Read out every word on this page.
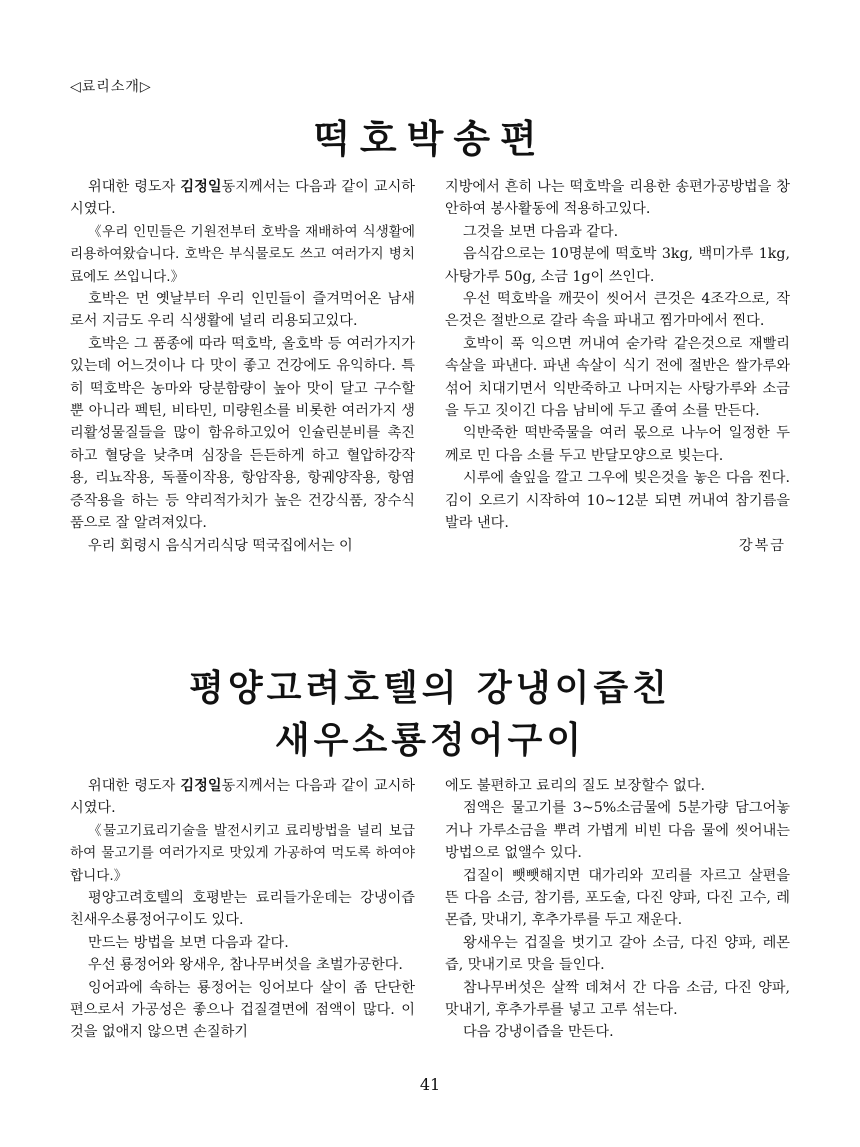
◁료리소개▷
떡호박송편

위대한 령도자 김정일동지께서는 다음과 같이 교시하시였다.

《우리 인민들은 기원전부터 호박을 재배하여 식생활에 리용하여왔습니다. 호박은 부식물로도 쓰고 여러가지 병치료에도 쓰입니다.》

호박은 먼 옛날부터 우리 인민들이 즐겨먹어온 남새로서 지금도 우리 식생활에 널리 리용되고있다.

호박은 그 품종에 따라 떡호박, 올호박 등 여러가지가 있는데 어느것이나 다 맛이 좋고 건강에도 유익하다. 특히 떡호박은 농마와 당분함량이 높아 맛이 달고 구수할뿐 아니라 펙틴, 비타민, 미량원소를 비롯한 여러가지 생리활성물질들을 많이 함유하고있어 인슐린분비를 촉진하고 혈당을 낮추며 심장을 든든하게 하고 혈압하강작용, 리뇨작용, 독풀이작용, 항암작용, 항궤양작용, 항염증작용을 하는 등 약리적가치가 높은 건강식품, 장수식품으로 잘 알려져있다.

우리 회령시 음식거리식당 떡국집에서는 이

지방에서 흔히 나는 떡호박을 리용한 송편가공방법을 창안하여 봉사활동에 적용하고있다.

그것을 보면 다음과 같다.

음식감으로는 10명분에 떡호박 3kg, 백미가루 1kg, 사탕가루 50g, 소금 1g이 쓰인다.

우선 떡호박을 깨끗이 씻어서 큰것은 4조각으로, 작은것은 절반으로 갈라 속을 파내고 찜가마에서 찐다.

호박이 푹 익으면 꺼내여 숟가락 같은것으로 재빨리 속살을 파낸다. 파낸 속살이 식기 전에 절반은 쌀가루와 섞어 치대기면서 익반죽하고 나머지는 사탕가루와 소금을 두고 짓이긴 다음 남비에 두고 졸여 소를 만든다.

익반죽한 떡반죽물을 여러 몫으로 나누어 일정한 두께로 민 다음 소를 두고 반달모양으로 빚는다.

시루에 솔잎을 깔고 그우에 빚은것을 놓은 다음 찐다. 김이 오르기 시작하여 10~12분 되면 꺼내여 참기름을 발라 낸다.

강복금

평양고려호텔의 강냉이즙친
새우소룡정어구이

위대한 령도자 김정일동지께서는 다음과 같이 교시하시였다.

《물고기료리기술을 발전시키고 료리방법을 널리 보급하여 물고기를 여러가지로 맛있게 가공하여 먹도록 하여야 합니다.》

평양고려호텔의 호평받는 료리들가운데는 강냉이즙친새우소룡정어구이도 있다.

만드는 방법을 보면 다음과 같다.

우선 룡정어와 왕새우, 참나무버섯을 초벌가공한다.

잉어과에 속하는 룡정어는 잉어보다 살이 좀 단단한 편으로서 가공성은 좋으나 겁질결면에 점액이 많다. 이것을 없애지 않으면 손질하기

에도 불편하고 료리의 질도 보장할수 없다.

점액은 물고기를 3~5%소금물에 5분가량 담그어놓거나 가루소금을 뿌려 가볍게 비빈 다음 물에 씻어내는 방법으로 없앨수 있다.

겁질이 뺏뺏해지면 대가리와 꼬리를 자르고 살편을 뜬 다음 소금, 참기름, 포도술, 다진 양파, 다진 고수, 레몬즙, 맛내기, 후추가루를 두고 재운다.

왕새우는 겁질을 벗기고 갈아 소금, 다진 양파, 레몬즙, 맛내기로 맛을 들인다.

참나무버섯은 살짝 데쳐서 간 다음 소금, 다진 양파, 맛내기, 후추가루를 넣고 고루 섞는다.

다음 강냉이즙을 만든다.

41
